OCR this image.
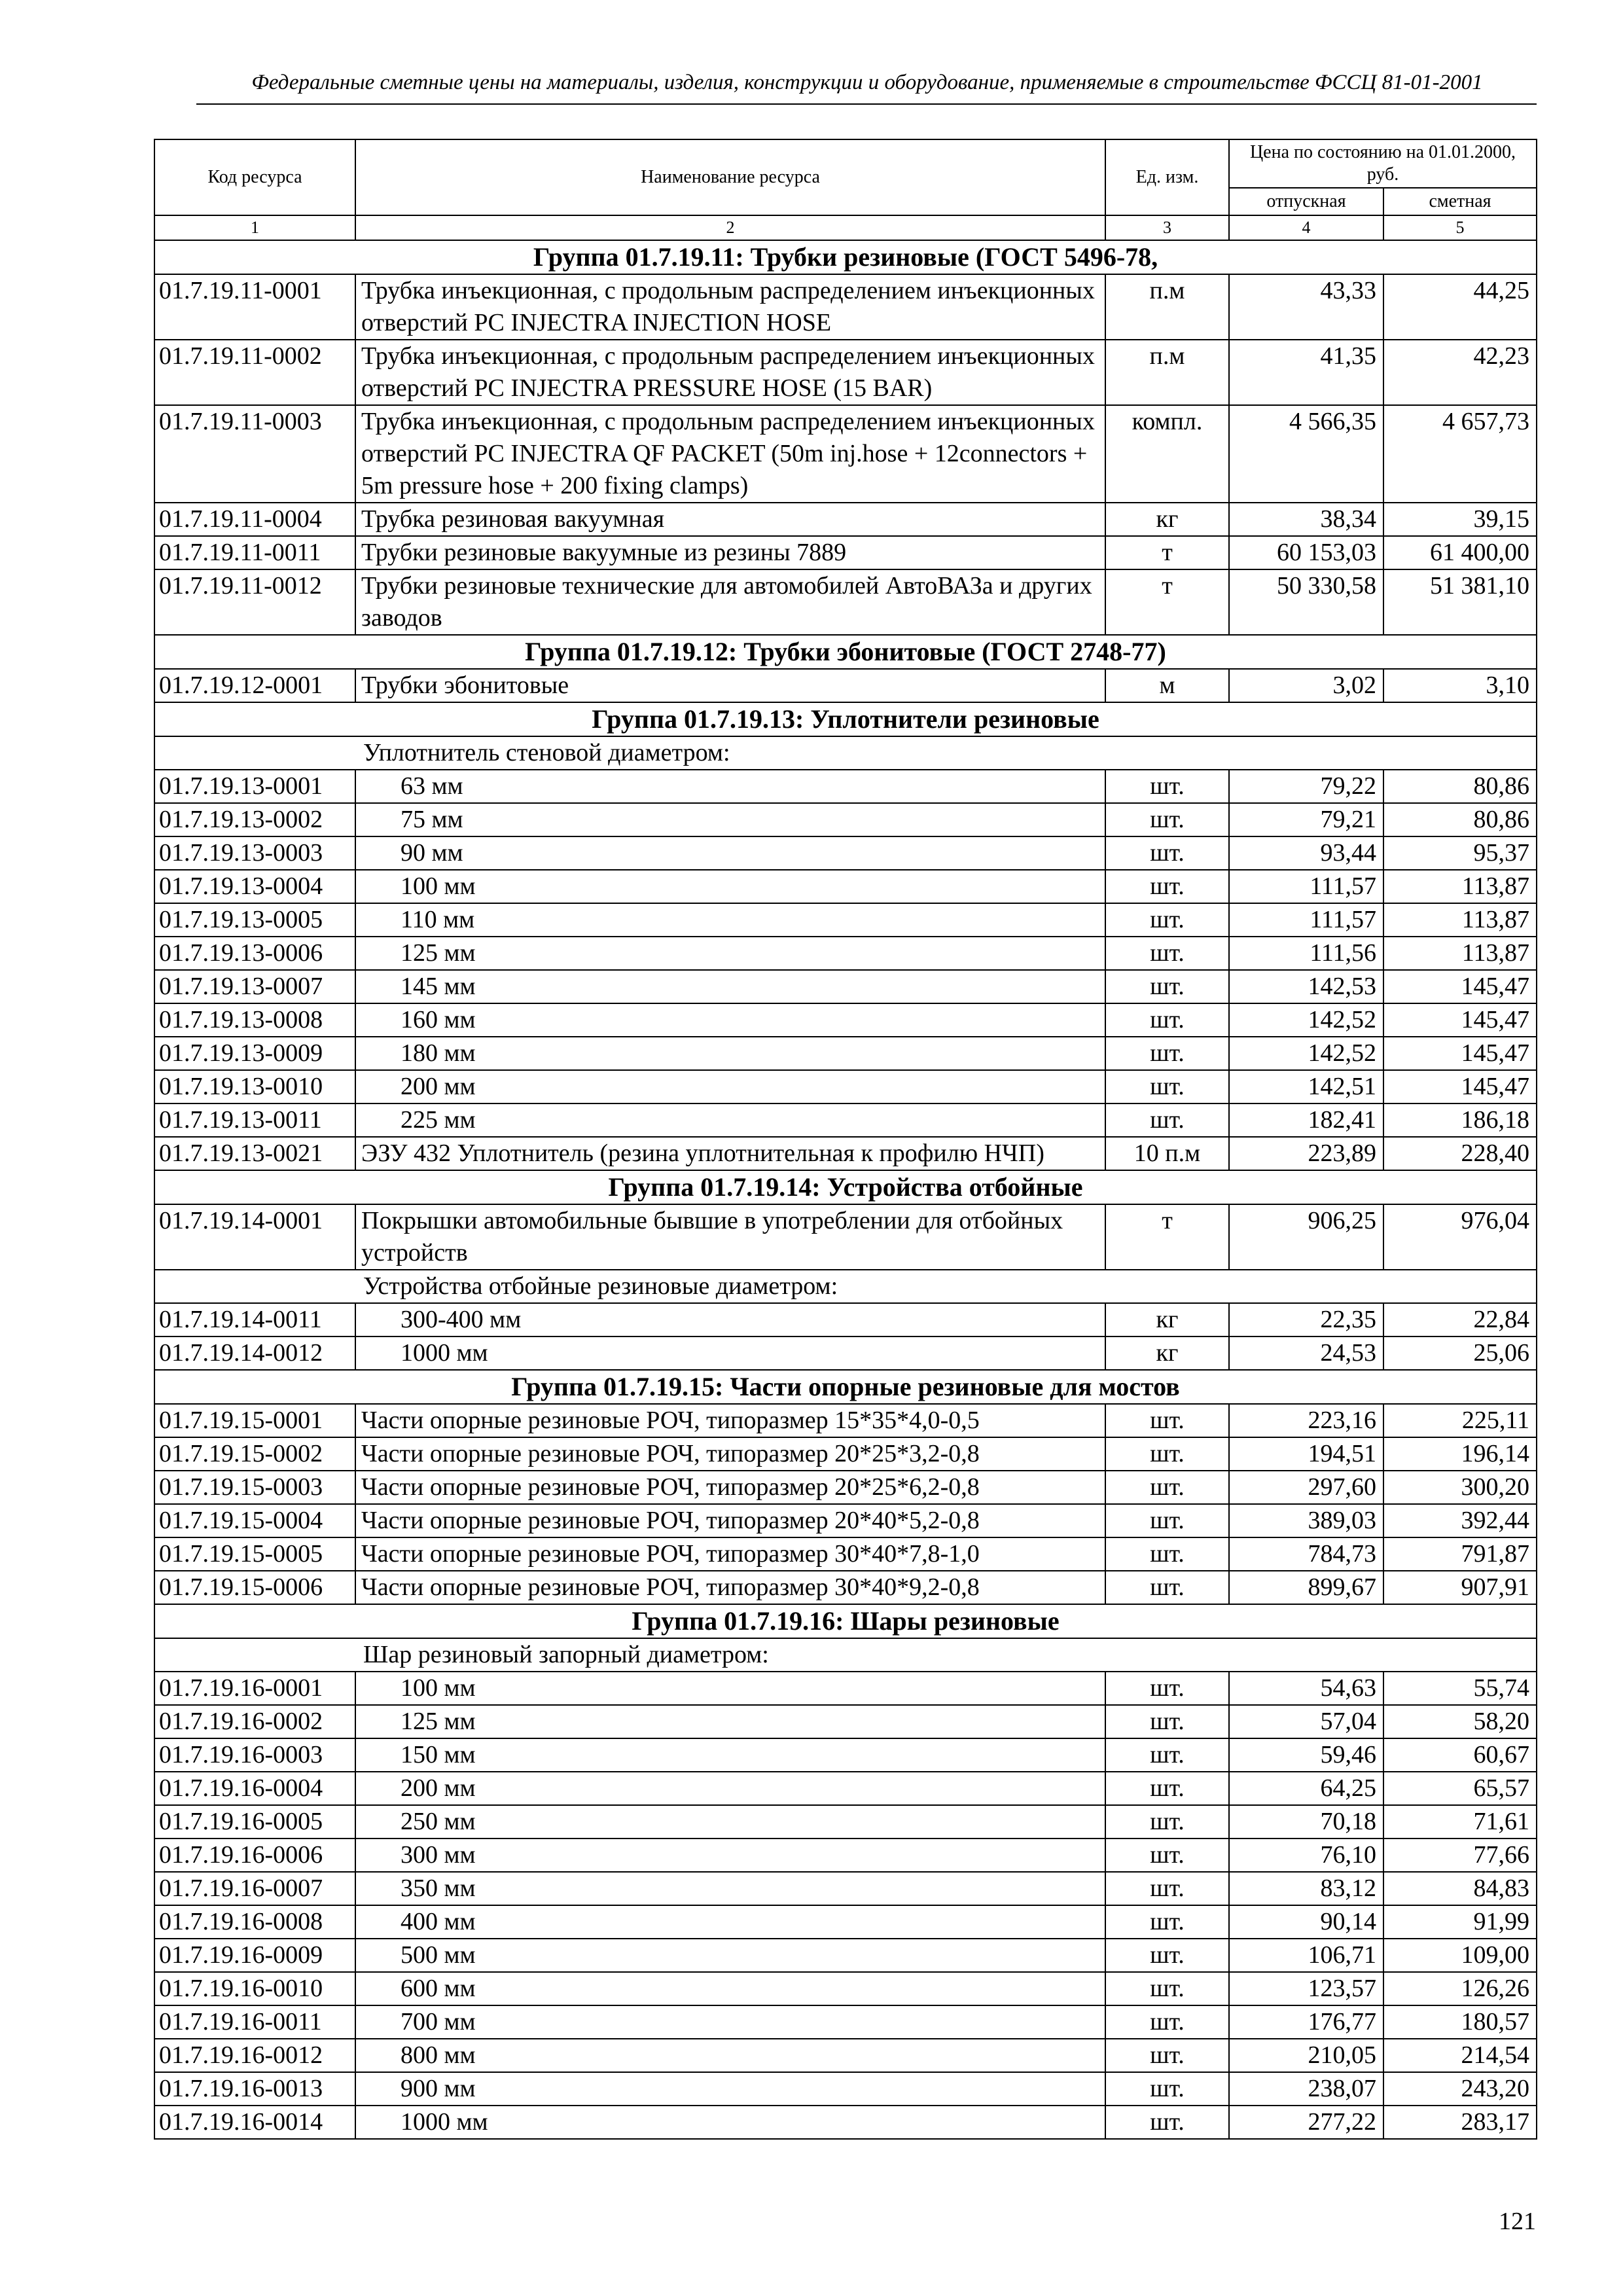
Федеральные сметные цены на материалы, изделия, конструкции и оборудование, применяемые в строительстве ФССЦ 81-01-2001
Код ресурса	Наименование ресурса	Ед. изм.	Цена по состоянию на 01.01.2000, руб.	
			отпускная	сметная
1	2	3	4	5
Группа 01.7.19.11: Трубки резиновые (ГОСТ 5496-78,				
01.7.19.11-0001	Трубка инъекционная, с продольным распределением инъекционных отверстий PC INJECTRA INJECTION HOSE	п.м	43,33	44,25
01.7.19.11-0002	Трубка инъекционная, с продольным распределением инъекционных отверстий PC INJECTRA PRESSURE HOSE (15 BAR)	п.м	41,35	42,23
01.7.19.11-0003	Трубка инъекционная, с продольным распределением инъекционных отверстий PC INJECTRA QF PACKET (50m inj.hose + 12connectors + 5m pressure hose + 200 fixing clamps)	компл.	4 566,35	4 657,73
01.7.19.11-0004	Трубка резиновая вакуумная	кг	38,34	39,15
01.7.19.11-0011	Трубки резиновые вакуумные из резины 7889	т	60 153,03	61 400,00
01.7.19.11-0012	Трубки резиновые технические для автомобилей АвтоВАЗа и других заводов	т	50 330,58	51 381,10
Группа 01.7.19.12: Трубки эбонитовые (ГОСТ 2748-77)				
01.7.19.12-0001	Трубки эбонитовые	м	3,02	3,10
Группа 01.7.19.13: Уплотнители резиновые				
	Уплотнитель стеновой диаметром:			
01.7.19.13-0001	63 мм	шт.	79,22	80,86
01.7.19.13-0002	75 мм	шт.	79,21	80,86
01.7.19.13-0003	90 мм	шт.	93,44	95,37
01.7.19.13-0004	100 мм	шт.	111,57	113,87
01.7.19.13-0005	110 мм	шт.	111,57	113,87
01.7.19.13-0006	125 мм	шт.	111,56	113,87
01.7.19.13-0007	145 мм	шт.	142,53	145,47
01.7.19.13-0008	160 мм	шт.	142,52	145,47
01.7.19.13-0009	180 мм	шт.	142,52	145,47
01.7.19.13-0010	200 мм	шт.	142,51	145,47
01.7.19.13-0011	225 мм	шт.	182,41	186,18
01.7.19.13-0021	ЭЗУ 432 Уплотнитель (резина уплотнительная к профилю НЧП)	10 п.м	223,89	228,40
Группа 01.7.19.14: Устройства отбойные				
01.7.19.14-0001	Покрышки автомобильные бывшие в употреблении для отбойных устройств	т	906,25	976,04
	Устройства отбойные резиновые диаметром:			
01.7.19.14-0011	300-400 мм	кг	22,35	22,84
01.7.19.14-0012	1000 мм	кг	24,53	25,06
Группа 01.7.19.15: Части опорные резиновые для мостов				
01.7.19.15-0001	Части опорные резиновые РОЧ, типоразмер 15*35*4,0-0,5	шт.	223,16	225,11
01.7.19.15-0002	Части опорные резиновые РОЧ, типоразмер 20*25*3,2-0,8	шт.	194,51	196,14
01.7.19.15-0003	Части опорные резиновые РОЧ, типоразмер 20*25*6,2-0,8	шт.	297,60	300,20
01.7.19.15-0004	Части опорные резиновые РОЧ, типоразмер 20*40*5,2-0,8	шт.	389,03	392,44
01.7.19.15-0005	Части опорные резиновые РОЧ, типоразмер 30*40*7,8-1,0	шт.	784,73	791,87
01.7.19.15-0006	Части опорные резиновые РОЧ, типоразмер 30*40*9,2-0,8	шт.	899,67	907,91
Группа 01.7.19.16: Шары резиновые				
	Шар резиновый запорный диаметром:			
01.7.19.16-0001	100 мм	шт.	54,63	55,74
01.7.19.16-0002	125 мм	шт.	57,04	58,20
01.7.19.16-0003	150 мм	шт.	59,46	60,67
01.7.19.16-0004	200 мм	шт.	64,25	65,57
01.7.19.16-0005	250 мм	шт.	70,18	71,61
01.7.19.16-0006	300 мм	шт.	76,10	77,66
01.7.19.16-0007	350 мм	шт.	83,12	84,83
01.7.19.16-0008	400 мм	шт.	90,14	91,99
01.7.19.16-0009	500 мм	шт.	106,71	109,00
01.7.19.16-0010	600 мм	шт.	123,57	126,26
01.7.19.16-0011	700 мм	шт.	176,77	180,57
01.7.19.16-0012	800 мм	шт.	210,05	214,54
01.7.19.16-0013	900 мм	шт.	238,07	243,20
01.7.19.16-0014	1000 мм	шт.	277,22	283,17
121
